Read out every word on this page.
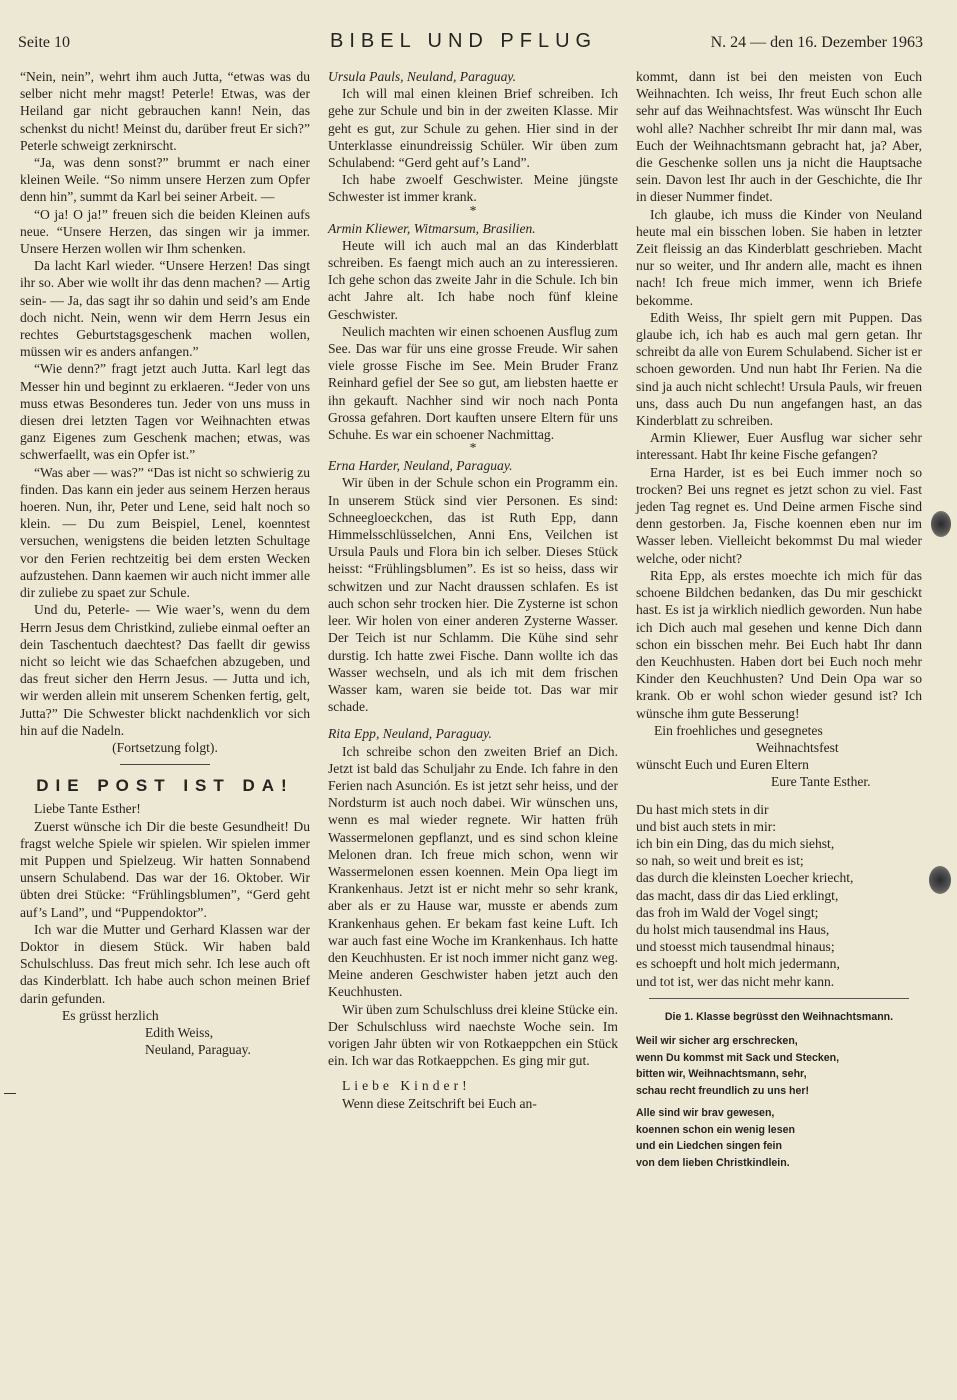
Seite 10	BIBEL UND PFLUG	N. 24 — den 16. Dezember 1963

“Nein, nein”, wehrt ihm auch Jutta, “etwas was du selber nicht mehr magst! Peterle! Etwas, was der Heiland gar nicht gebrauchen kann! Nein, das schenkst du nicht! Meinst du, darüber freut Er sich?” Peterle schweigt zerknirscht.

“Ja, was denn sonst?” brummt er nach einer kleinen Weile. “So nimm unsere Herzen zum Opfer denn hin”, summt da Karl bei seiner Arbeit. —

“O ja! O ja!” freuen sich die beiden Kleinen aufs neue. “Unsere Herzen, das singen wir ja immer. Unsere Herzen wollen wir Ihm schenken.

Da lacht Karl wieder. “Unsere Herzen! Das singt ihr so. Aber wie wollt ihr das denn machen? — Artig sein- — Ja, das sagt ihr so dahin und seid’s am Ende doch nicht. Nein, wenn wir dem Herrn Jesus ein rechtes Geburtstagsgeschenk machen wollen, müssen wir es anders anfangen.”

“Wie denn?” fragt jetzt auch Jutta. Karl legt das Messer hin und beginnt zu erklaeren. “Jeder von uns muss etwas Besonderes tun. Jeder von uns muss in diesen drei letzten Tagen vor Weihnachten etwas ganz Eigenes zum Geschenk machen; etwas, was schwerfaellt, was ein Opfer ist.”

“Was aber — was?” “Das ist nicht so schwierig zu finden. Das kann ein jeder aus seinem Herzen heraus hoeren. Nun, ihr, Peter und Lene, seid halt noch so klein. — Du zum Beispiel, Lenel, koenntest versuchen, wenigstens die beiden letzten Schultage vor den Ferien rechtzeitig bei dem ersten Wecken aufzustehen. Dann kaemen wir auch nicht immer alle dir zuliebe zu spaet zur Schule.

Und du, Peterle- — Wie waer’s, wenn du dem Herrn Jesus dem Christkind, zuliebe einmal oefter an dein Taschentuch daechtest? Das faellt dir gewiss nicht so leicht wie das Schaefchen abzugeben, und das freut sicher den Herrn Jesus. — Jutta und ich, wir werden allein mit unserem Schenken fertig, gelt, Jutta?” Die Schwester blickt nachdenklich vor sich hin auf die Nadeln.

(Fortsetzung folgt).

DIE POST IST DA!

Liebe Tante Esther!

Zuerst wünsche ich Dir die beste Gesundheit! Du fragst welche Spiele wir spielen. Wir spielen immer mit Puppen und Spielzeug. Wir hatten Sonnabend unsern Schulabend. Das war der 16. Oktober. Wir übten drei Stücke: “Frühlingsblumen”, “Gerd geht auf’s Land”, und “Puppendoktor”.

Ich war die Mutter und Gerhard Klassen war der Doktor in diesem Stück. Wir haben bald Schulschluss. Das freut mich sehr. Ich lese auch oft das Kinderblatt. Ich habe auch schon meinen Brief darin gefunden.

Es grüsst herzlich

Edith Weiss,

Neuland, Paraguay.

Ursula Pauls, Neuland, Paraguay.

Ich will mal einen kleinen Brief schreiben. Ich gehe zur Schule und bin in der zweiten Klasse. Mir geht es gut, zur Schule zu gehen. Hier sind in der Unterklasse einundreissig Schüler. Wir üben zum Schulabend: “Gerd geht auf’s Land”.

Ich habe zwoelf Geschwister. Meine jüngste Schwester ist immer krank.

*

Armin Kliewer, Witmarsum, Brasilien.

Heute will ich auch mal an das Kinderblatt schreiben. Es faengt mich auch an zu interessieren. Ich gehe schon das zweite Jahr in die Schule. Ich bin acht Jahre alt. Ich habe noch fünf kleine Geschwister.

Neulich machten wir einen schoenen Ausflug zum See. Das war für uns eine grosse Freude. Wir sahen viele grosse Fische im See. Mein Bruder Franz Reinhard gefiel der See so gut, am liebsten haette er ihn gekauft. Nachher sind wir noch nach Ponta Grossa gefahren. Dort kauften unsere Eltern für uns Schuhe. Es war ein schoener Nachmittag.

*

Erna Harder, Neuland, Paraguay.

Wir üben in der Schule schon ein Programm ein. In unserem Stück sind vier Personen. Es sind: Schneegloeckchen, das ist Ruth Epp, dann Himmelsschlüsselchen, Anni Ens, Veilchen ist Ursula Pauls und Flora bin ich selber. Dieses Stück heisst: “Frühlingsblumen”. Es ist so heiss, dass wir schwitzen und zur Nacht draussen schlafen. Es ist auch schon sehr trocken hier. Die Zysterne ist schon leer. Wir holen von einer anderen Zysterne Wasser. Der Teich ist nur Schlamm. Die Kühe sind sehr durstig. Ich hatte zwei Fische. Dann wollte ich das Wasser wechseln, und als ich mit dem frischen Wasser kam, waren sie beide tot. Das war mir schade.

Rita Epp, Neuland, Paraguay.

Ich schreibe schon den zweiten Brief an Dich. Jetzt ist bald das Schuljahr zu Ende. Ich fahre in den Ferien nach Asunción. Es ist jetzt sehr heiss, und der Nordsturm ist auch noch dabei. Wir wünschen uns, wenn es mal wieder regnete. Wir hatten früh Wassermelonen gepflanzt, und es sind schon kleine Melonen dran. Ich freue mich schon, wenn wir Wassermelonen essen koennen. Mein Opa liegt im Krankenhaus. Jetzt ist er nicht mehr so sehr krank, aber als er zu Hause war, musste er abends zum Krankenhaus gehen. Er bekam fast keine Luft. Ich war auch fast eine Woche im Krankenhaus. Ich hatte den Keuchhusten. Er ist noch immer nicht ganz weg. Meine anderen Geschwister haben jetzt auch den Keuchhusten.

Wir üben zum Schulschluss drei kleine Stücke ein. Der Schulschluss wird naechste Woche sein. Im vorigen Jahr übten wir von Rotkaeppchen ein Stück ein. Ich war das Rotkaeppchen. Es ging mir gut.

Liebe Kinder!

Wenn diese Zeitschrift bei Euch an-

kommt, dann ist bei den meisten von Euch Weihnachten. Ich weiss, Ihr freut Euch schon alle sehr auf das Weihnachtsfest. Was wünscht Ihr Euch wohl alle? Nachher schreibt Ihr mir dann mal, was Euch der Weihnachtsmann gebracht hat, ja? Aber, die Geschenke sollen uns ja nicht die Hauptsache sein. Davon lest Ihr auch in der Geschichte, die Ihr in dieser Nummer findet.

Ich glaube, ich muss die Kinder von Neuland heute mal ein bisschen loben. Sie haben in letzter Zeit fleissig an das Kinderblatt geschrieben. Macht nur so weiter, und Ihr andern alle, macht es ihnen nach! Ich freue mich immer, wenn ich Briefe bekomme.

Edith Weiss, Ihr spielt gern mit Puppen. Das glaube ich, ich hab es auch mal gern getan. Ihr schreibt da alle von Eurem Schulabend. Sicher ist er schoen geworden. Und nun habt Ihr Ferien. Na die sind ja auch nicht schlecht! Ursula Pauls, wir freuen uns, dass auch Du nun angefangen hast, an das Kinderblatt zu schreiben.

Armin Kliewer, Euer Ausflug war sicher sehr interessant. Habt Ihr keine Fische gefangen?

Erna Harder, ist es bei Euch immer noch so trocken? Bei uns regnet es jetzt schon zu viel. Fast jeden Tag regnet es. Und Deine armen Fische sind denn gestorben. Ja, Fische koennen eben nur im Wasser leben. Vielleicht bekommst Du mal wieder welche, oder nicht?

Rita Epp, als erstes moechte ich mich für das schoene Bildchen bedanken, das Du mir geschickt hast. Es ist ja wirklich niedlich geworden. Nun habe ich Dich auch mal gesehen und kenne Dich dann schon ein bisschen mehr. Bei Euch habt Ihr dann den Keuchhusten. Haben dort bei Euch noch mehr Kinder den Keuchhusten? Und Dein Opa war so krank. Ob er wohl schon wieder gesund ist? Ich wünsche ihm gute Besserung!

Ein froehliches und gesegnetes

Weihnachtsfest

wünscht Euch und Euren Eltern

Eure Tante Esther.

Du hast mich stets in dir

und bist auch stets in mir:

ich bin ein Ding, das du mich siehst,

so nah, so weit und breit es ist;

das durch die kleinsten Loecher kriecht,

das macht, dass dir das Lied erklingt,

das froh im Wald der Vogel singt;

du holst mich tausendmal ins Haus,

und stoesst mich tausendmal hinaus;

es schoepft und holt mich jedermann,

und tot ist, wer das nicht mehr kann.

Die 1. Klasse begrüsst den Weihnachtsmann.

Weil wir sicher arg erschrecken,

wenn Du kommst mit Sack und Stecken,

bitten wir, Weihnachtsmann, sehr,

schau recht freundlich zu uns her!

Alle sind wir brav gewesen,

koennen schon ein wenig lesen

und ein Liedchen singen fein

von dem lieben Christkindlein.
